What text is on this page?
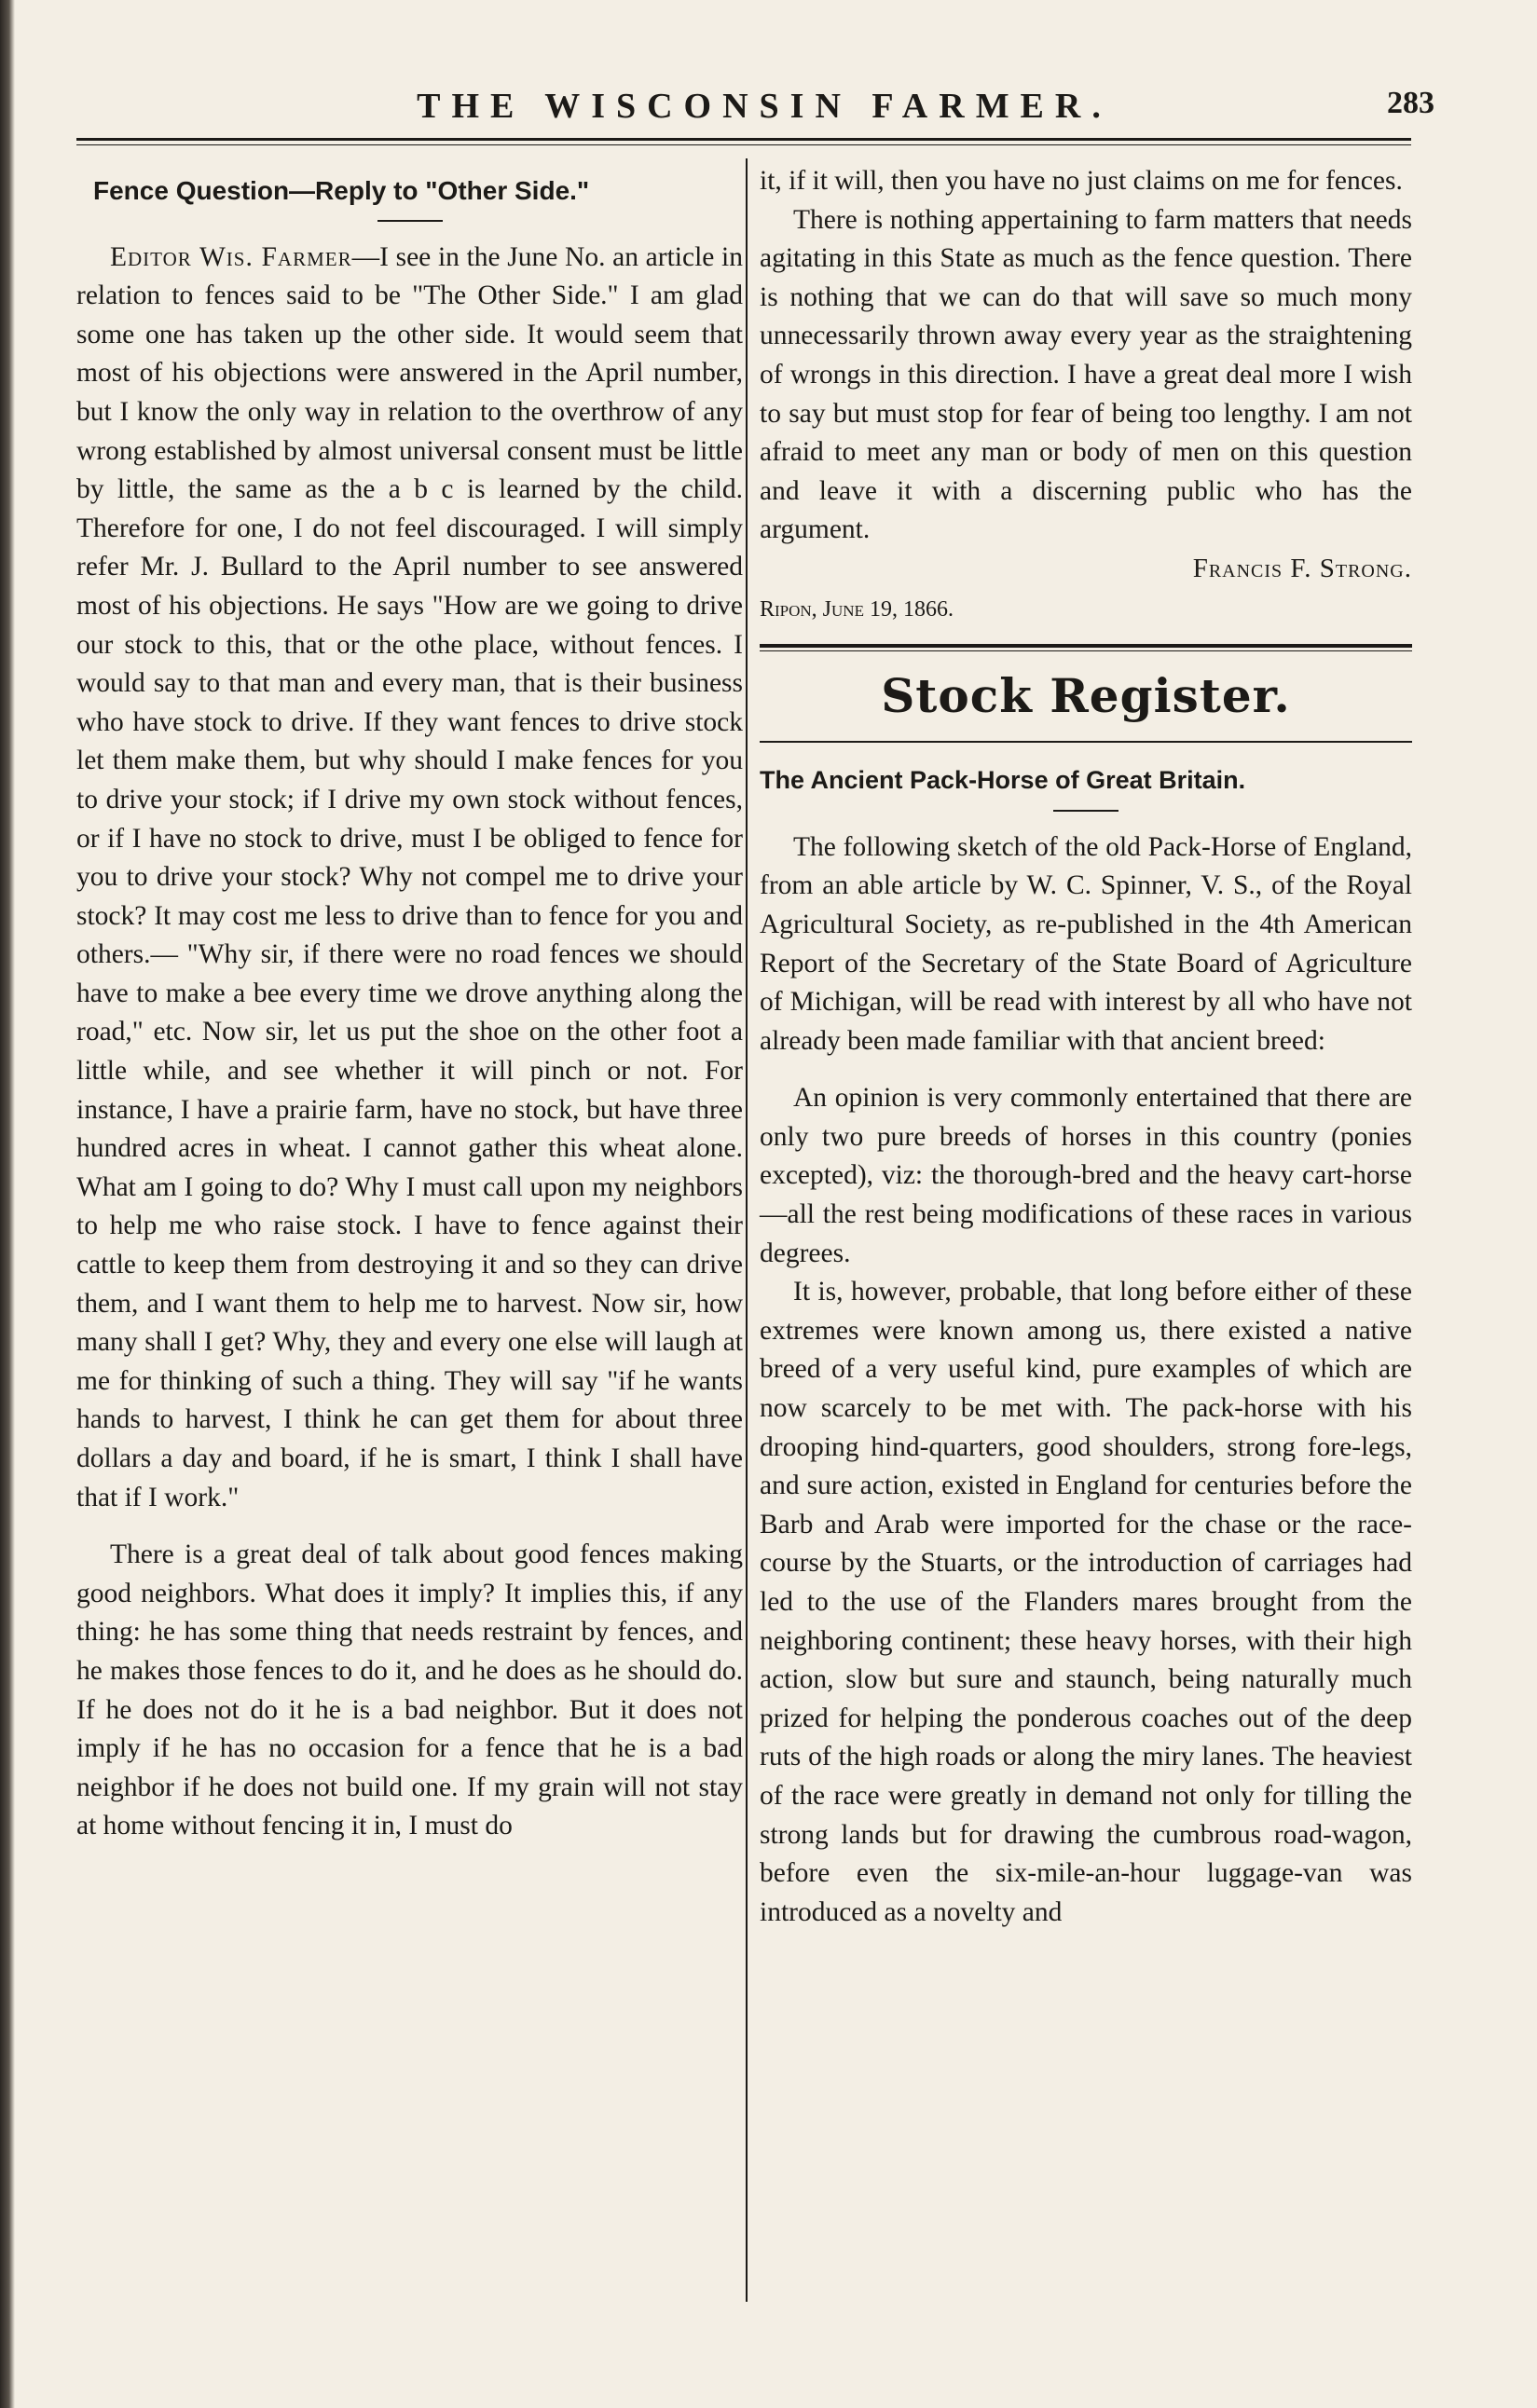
THE WISCONSIN FARMER.	283
Fence Question—Reply to "Other Side."

Editor Wis. Farmer—I see in the June No. an article in relation to fences said to be "The Other Side." I am glad some one has taken up the other side. It would seem that most of his objections were answered in the April number, but I know the only way in relation to the overthrow of any wrong established by almost universal consent must be little by little, the same as the a b c is learned by the child. Therefore for one, I do not feel discouraged. I will simply refer Mr. J. Bullard to the April number to see answered most of his objections. He says "How are we going to drive our stock to this, that or the othe place, without fences. I would say to that man and every man, that is their business who have stock to drive. If they want fences to drive stock let them make them, but why should I make fences for you to drive your stock; if I drive my own stock without fences, or if I have no stock to drive, must I be obliged to fence for you to drive your stock? Why not compel me to drive your stock? It may cost me less to drive than to fence for you and others.— "Why sir, if there were no road fences we should have to make a bee every time we drove anything along the road," etc. Now sir, let us put the shoe on the other foot a little while, and see whether it will pinch or not. For instance, I have a prairie farm, have no stock, but have three hundred acres in wheat. I cannot gather this wheat alone. What am I going to do? Why I must call upon my neighbors to help me who raise stock. I have to fence against their cattle to keep them from destroying it and so they can drive them, and I want them to help me to harvest. Now sir, how many shall I get? Why, they and every one else will laugh at me for thinking of such a thing. They will say "if he wants hands to harvest, I think he can get them for about three dollars a day and board, if he is smart, I think I shall have that if I work."

There is a great deal of talk about good fences making good neighbors. What does it imply? It implies this, if any thing: he has some thing that needs restraint by fences, and he makes those fences to do it, and he does as he should do. If he does not do it he is a bad neighbor. But it does not imply if he has no occasion for a fence that he is a bad neighbor if he does not build one. If my grain will not stay at home without fencing it in, I must do

it, if it will, then you have no just claims on me for fences.

There is nothing appertaining to farm matters that needs agitating in this State as much as the fence question. There is nothing that we can do that will save so much mony unnecessarily thrown away every year as the straightening of wrongs in this direction. I have a great deal more I wish to say but must stop for fear of being too lengthy. I am not afraid to meet any man or body of men on this question and leave it with a discerning public who has the argument.

Francis F. Strong.
Ripon, June 19, 1866.
Stock Register.
The Ancient Pack-Horse of Great Britain.

The following sketch of the old Pack-Horse of England, from an able article by W. C. Spinner, V. S., of the Royal Agricultural Society, as re-published in the 4th American Report of the Secretary of the State Board of Agriculture of Michigan, will be read with interest by all who have not already been made familiar with that ancient breed:

An opinion is very commonly entertained that there are only two pure breeds of horses in this country (ponies excepted), viz: the thorough-bred and the heavy cart-horse—all the rest being modifications of these races in various degrees.

It is, however, probable, that long before either of these extremes were known among us, there existed a native breed of a very useful kind, pure examples of which are now scarcely to be met with. The pack-horse with his drooping hind-quarters, good shoulders, strong fore-legs, and sure action, existed in England for centuries before the Barb and Arab were imported for the chase or the race-course by the Stuarts, or the introduction of carriages had led to the use of the Flanders mares brought from the neighboring continent; these heavy horses, with their high action, slow but sure and staunch, being naturally much prized for helping the ponderous coaches out of the deep ruts of the high roads or along the miry lanes. The heaviest of the race were greatly in demand not only for tilling the strong lands but for drawing the cumbrous road-wagon, before even the six-mile-an-hour luggage-van was introduced as a novelty and
